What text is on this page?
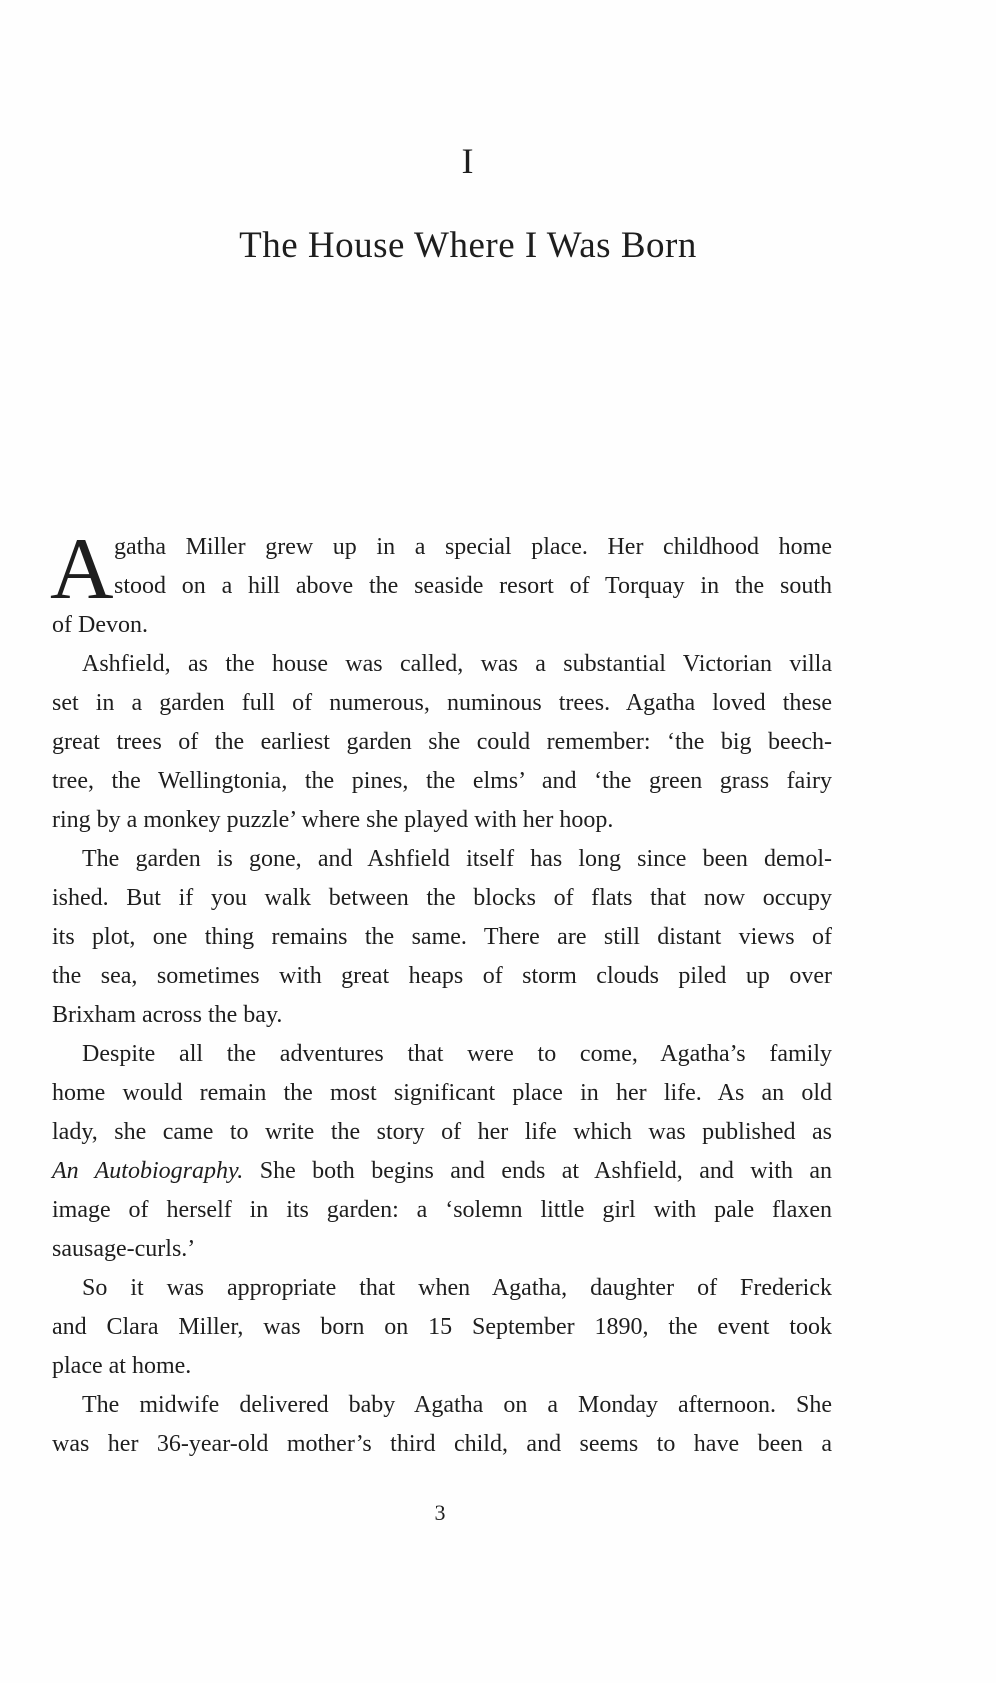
I
The House Where I Was Born
A gatha Miller grew up in a special place. Her childhood home
stood on a hill above the seaside resort of Torquay in the south
of Devon.
Ashfield, as the house was called, was a substantial Victorian villa
set in a garden full of numerous, numinous trees. Agatha loved these
great trees of the earliest garden she could remember: ‘the big beech-
tree, the Wellingtonia, the pines, the elms’ and ‘the green grass fairy
ring by a monkey puzzle’ where she played with her hoop.
The garden is gone, and Ashfield itself has long since been demol-
ished. But if you walk between the blocks of flats that now occupy
its plot, one thing remains the same. There are still distant views of
the sea, sometimes with great heaps of storm clouds piled up over
Brixham across the bay.
Despite all the adventures that were to come, Agatha’s family
home would remain the most significant place in her life. As an old
lady, she came to write the story of her life which was published as
An Autobiography. She both begins and ends at Ashfield, and with an
image of herself in its garden: a ‘solemn little girl with pale flaxen
sausage-curls.’
So it was appropriate that when Agatha, daughter of Frederick
and Clara Miller, was born on 15 September 1890, the event took
place at home.
The midwife delivered baby Agatha on a Monday afternoon. She
was her 36-year-old mother’s third child, and seems to have been a
3
